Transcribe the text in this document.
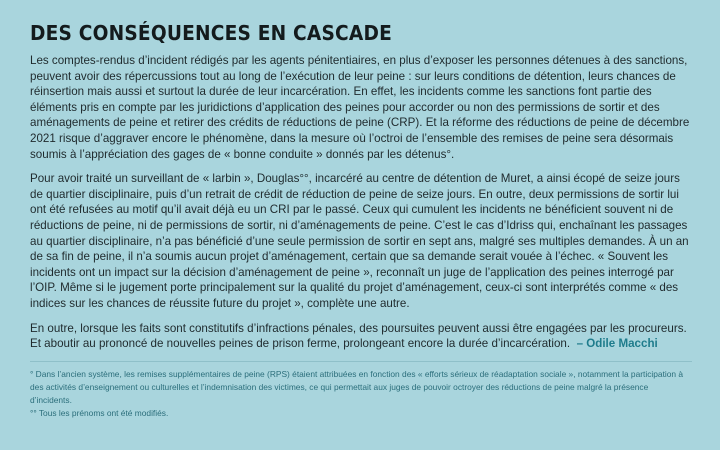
DES CONSÉQUENCES EN CASCADE

Les comptes-rendus d’incident rédigés par les agents pénitentiaires, en plus d’exposer les personnes détenues à des sanctions, peuvent avoir des répercussions tout au long de l’exécution de leur peine : sur leurs conditions de détention, leurs chances de réinsertion mais aussi et surtout la durée de leur incarcération. En effet, les incidents comme les sanctions font partie des éléments pris en compte par les juridictions d’application des peines pour accorder ou non des permissions de sortir et des aménagements de peine et retirer des crédits de réductions de peine (CRP). Et la réforme des réductions de peine de décembre 2021 risque d’aggraver encore le phénomène, dans la mesure où l’octroi de l’ensemble des remises de peine sera désormais soumis à l’appréciation des gages de « bonne conduite » donnés par les détenus°.

Pour avoir traité un surveillant de « larbin », Douglas°°, incarcéré au centre de détention de Muret, a ainsi écopé de seize jours de quartier disciplinaire, puis d’un retrait de crédit de réduction de peine de seize jours. En outre, deux permissions de sortir lui ont été refusées au motif qu’il avait déjà eu un CRI par le passé. Ceux qui cumulent les incidents ne bénéficient souvent ni de réductions de peine, ni de permissions de sortir, ni d’aménagements de peine. C’est le cas d’Idriss qui, enchaînant les passages au quartier disciplinaire, n’a pas bénéficié d’une seule permission de sortir en sept ans, malgré ses multiples demandes. À un an de sa fin de peine, il n’a soumis aucun projet d’aménagement, certain que sa demande serait vouée à l’échec. « Souvent les incidents ont un impact sur la décision d’aménagement de peine », reconnaît un juge de l’application des peines interrogé par l’OIP. Même si le jugement porte principalement sur la qualité du projet d’aménagement, ceux-ci sont interprétés comme « des indices sur les chances de réussite future du projet », complète une autre.

En outre, lorsque les faits sont constitutifs d’infractions pénales, des poursuites peuvent aussi être engagées par les procureurs. Et aboutir au prononcé de nouvelles peines de prison ferme, prolongeant encore la durée d’incarcération. – Odile Macchi

° Dans l’ancien système, les remises supplémentaires de peine (RPS) étaient attribuées en fonction des « efforts sérieux de réadaptation sociale », notamment la participation à des activités d’enseignement ou culturelles et l’indemnisation des victimes, ce qui permettait aux juges de pouvoir octroyer des réductions de peine malgré la présence d’incidents.

°° Tous les prénoms ont été modifiés.
